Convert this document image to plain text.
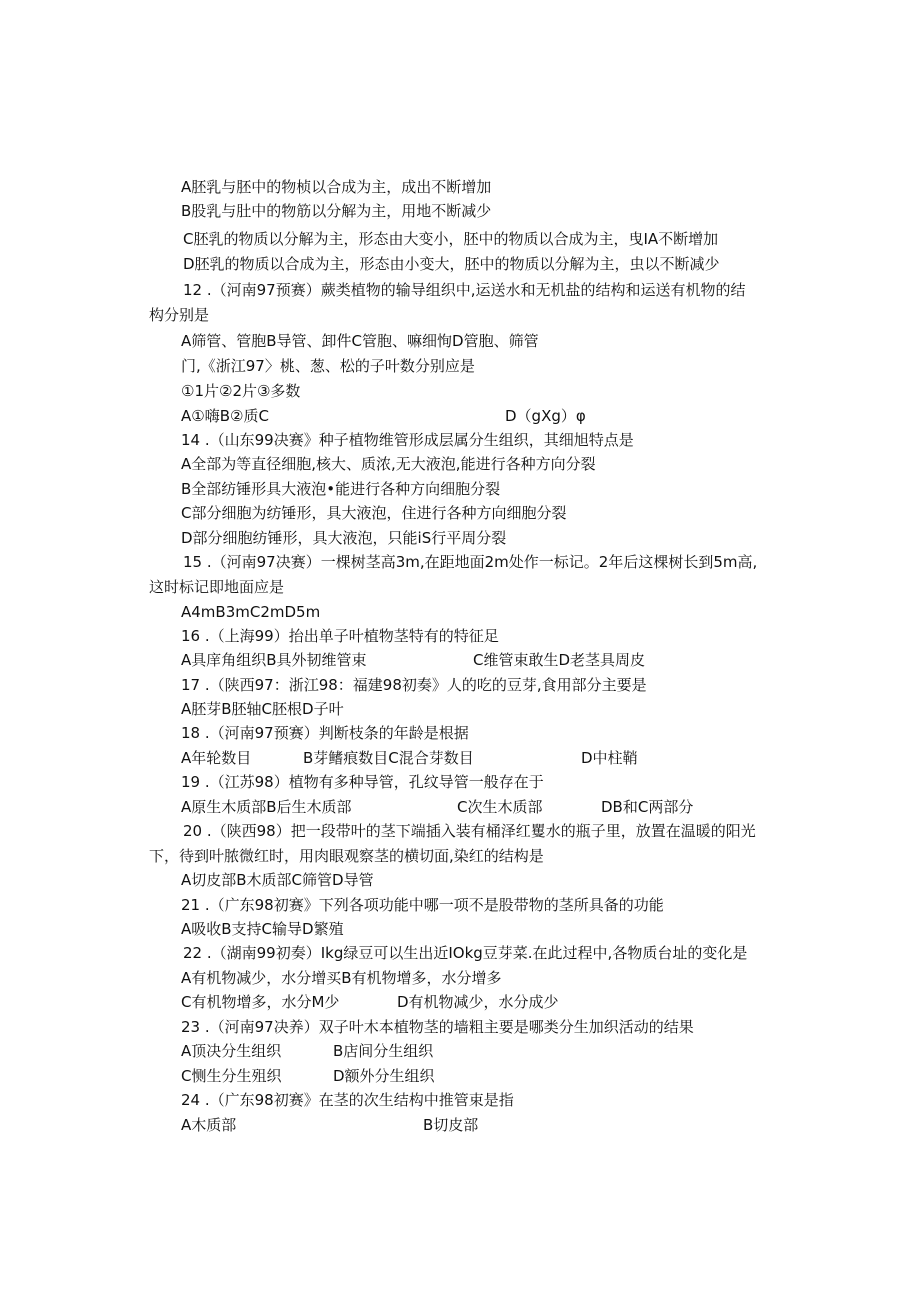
A胚乳与胚中的物桢以合成为主，成出不断增加
B股乳与肚中的物筋以分解为主，用地不断减少
C胚乳的物质以分解为主，形态由大变小，胚中的物质以合成为主，曳IA不断增加
D胚乳的物质以合成为主，形态由小变大，胚中的物质以分解为主，虫以不断减少
12 .（河南97预赛）蕨类植物的输导组织中,运送水和无机盐的结构和运送有机物的结
构分别是
A筛管、管胞B导管、卸件C管胞、嘛细恂D管胞、筛管
门,《浙江97〉桃、葱、松的子叶数分别应是
①1片②2片③多数
A①嗨B②质C	D（gXg）φ
14 .（山东99决赛》种子植物维管形成层属分生组织，其细旭特点是
A全部为等直径细胞,核大、质浓,无大液泡,能进行各种方向分裂
B全部纺锤形具大液泡•能进行各种方向细胞分裂
C部分细胞为纺锤形，具大液泡，住进行各种方向细胞分裂
D部分细胞纺锤形，具大液泡，只能iS行平周分裂
15 .（河南97决赛）一棵树茎高3m,在距地面2m处作一标记。2年后这棵树长到5m高,
这时标记即地面应是
A4mB3mC2mD5m
16 .（上海99）抬出单子叶植物茎特有的特征足
A具庠角组织B具外韧维管束	C维管束敢生D老茎具周皮
17 .（陕西97：浙江98：福建98初奏》人的吃的豆芽,食用部分主要是
A胚芽B胚轴C胚根D子叶
18 .（河南97预赛）判断枝条的年龄是根据
A年轮数目	B芽鳍痕数目C混合芽数目	D中柱鞘
19 .（江苏98）植物有多种导管，孔纹导管一般存在于
A原生木质部B后生木质部	C次生木质部	DB和C两部分
20 .（陕西98）把一段带叶的茎下端插入装有桶泽红矍水的瓶子里，放置在温暖的阳光
下，待到叶脓微红时，用肉眼观察茎的横切面,染红的结构是
A切皮部B木质部C筛管D导管
21 .（广东98初赛》下列各项功能中哪一项不是股带物的茎所具备的功能
A吸收B支持C输导D繁殖
22 .（湖南99初奏）Ikg绿豆可以生出近IOkg豆芽菜.在此过程中,各物质台址的变化是
A有机物减少，水分增买B有机物增多，水分增多
C有机物增多，水分M少	D有机物减少，水分成少
23 .（河南97决养）双子叶木本植物茎的墙粗主要是哪类分生加织活动的结果
A顶决分生组织	B店间分生组织
C恻生分生殂织	D额外分生组织
24 .（广东98初赛》在茎的次生结构中推管束是指
A木质部	B切皮部
